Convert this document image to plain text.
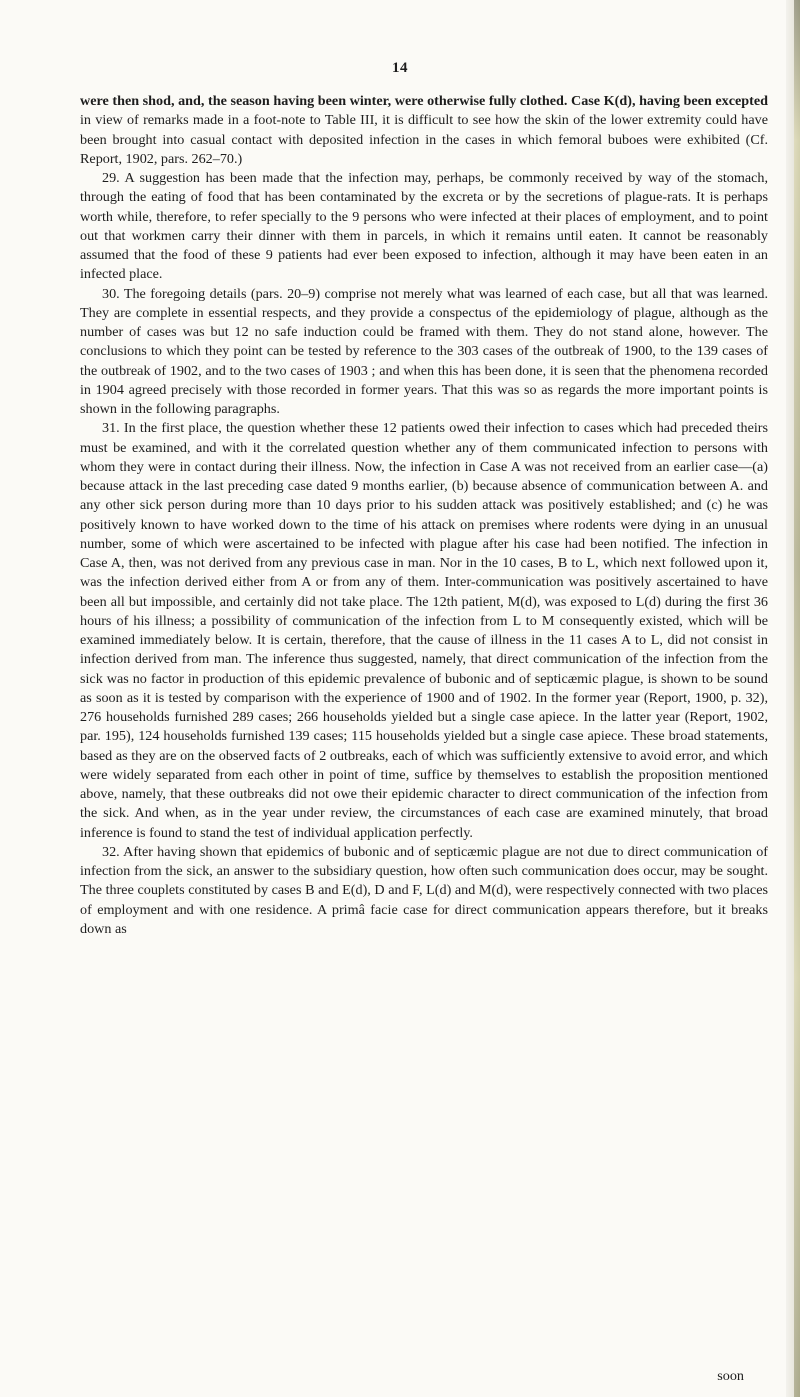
14

were then shod, and, the season having been winter, were otherwise fully clothed. Case K(d), having been excepted in view of remarks made in a foot-note to Table III, it is difficult to see how the skin of the lower extremity could have been brought into casual contact with deposited infection in the cases in which femoral buboes were exhibited (Cf. Report, 1902, pars. 262–70.)

29. A suggestion has been made that the infection may, perhaps, be commonly received by way of the stomach, through the eating of food that has been contaminated by the excreta or by the secretions of plague-rats. It is perhaps worth while, therefore, to refer specially to the 9 persons who were infected at their places of employment, and to point out that workmen carry their dinner with them in parcels, in which it remains until eaten. It cannot be reasonably assumed that the food of these 9 patients had ever been exposed to infection, although it may have been eaten in an infected place.

30. The foregoing details (pars. 20–9) comprise not merely what was learned of each case, but all that was learned. They are complete in essential respects, and they provide a conspectus of the epidemiology of plague, although as the number of cases was but 12 no safe induction could be framed with them. They do not stand alone, however. The conclusions to which they point can be tested by reference to the 303 cases of the outbreak of 1900, to the 139 cases of the outbreak of 1902, and to the two cases of 1903 ; and when this has been done, it is seen that the phenomena recorded in 1904 agreed precisely with those recorded in former years. That this was so as regards the more important points is shown in the following paragraphs.

31. In the first place, the question whether these 12 patients owed their infection to cases which had preceded theirs must be examined, and with it the correlated question whether any of them communicated infection to persons with whom they were in contact during their illness. Now, the infection in Case A was not received from an earlier case—(a) because attack in the last preceding case dated 9 months earlier, (b) because absence of communication between A. and any other sick person during more than 10 days prior to his sudden attack was positively established; and (c) he was positively known to have worked down to the time of his attack on premises where rodents were dying in an unusual number, some of which were ascertained to be infected with plague after his case had been notified. The infection in Case A, then, was not derived from any previous case in man. Nor in the 10 cases, B to L, which next followed upon it, was the infection derived either from A or from any of them. Inter-communication was positively ascertained to have been all but impossible, and certainly did not take place. The 12th patient, M(d), was exposed to L(d) during the first 36 hours of his illness; a possibility of communication of the infection from L to M consequently existed, which will be examined immediately below. It is certain, therefore, that the cause of illness in the 11 cases A to L, did not consist in infection derived from man. The inference thus suggested, namely, that direct communication of the infection from the sick was no factor in production of this epidemic prevalence of bubonic and of septicæmic plague, is shown to be sound as soon as it is tested by comparison with the experience of 1900 and of 1902. In the former year (Report, 1900, p. 32), 276 households furnished 289 cases; 266 households yielded but a single case apiece. In the latter year (Report, 1902, par. 195), 124 households furnished 139 cases; 115 households yielded but a single case apiece. These broad statements, based as they are on the observed facts of 2 outbreaks, each of which was sufficiently extensive to avoid error, and which were widely separated from each other in point of time, suffice by themselves to establish the proposition mentioned above, namely, that these outbreaks did not owe their epidemic character to direct communication of the infection from the sick. And when, as in the year under review, the circumstances of each case are examined minutely, that broad inference is found to stand the test of individual application perfectly.

32. After having shown that epidemics of bubonic and of septicæmic plague are not due to direct communication of infection from the sick, an answer to the subsidiary question, how often such communication does occur, may be sought. The three couplets constituted by cases B and E(d), D and F, L(d) and M(d), were respectively connected with two places of employment and with one residence. A primâ facie case for direct communication appears therefore, but it breaks down as

soon
